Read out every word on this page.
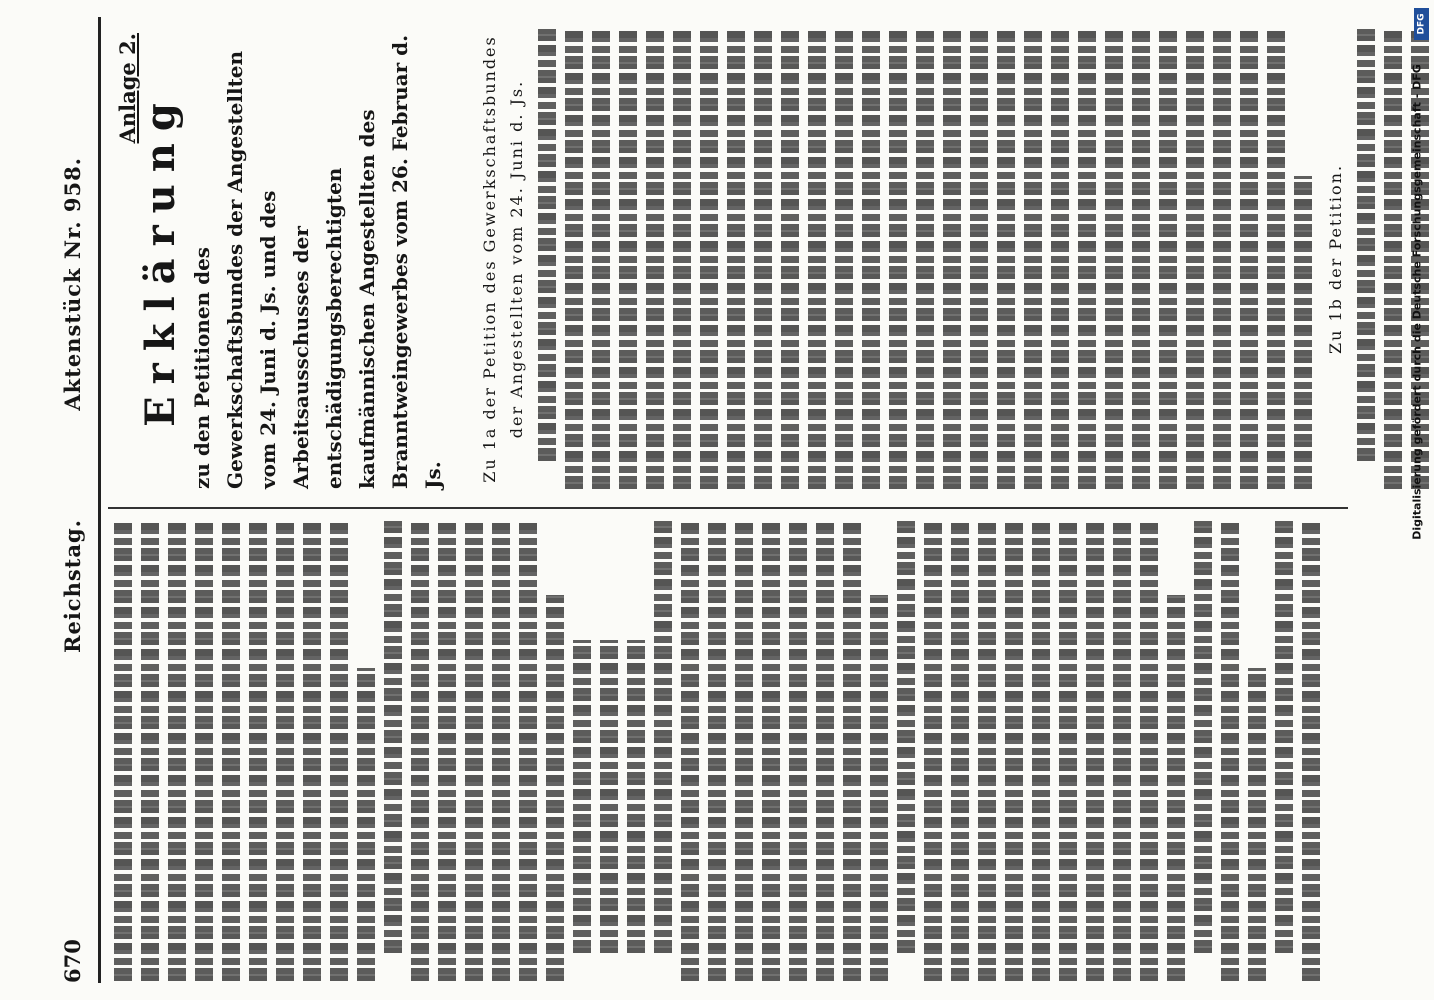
670
Reichstag.
Aktenstück Nr. 958.
Anlage 2.
Erklärung zu den Petitionen des Gewerkschaftsbundes der Angestellten vom 24. Juni d. Js. und des Arbeitsausschusses der entschädigungsberechtigten kaufmännischen Angestellten des Branntweingewerbes vom 26. Februar d. Js.	Zu 1a der Petition des Gewerkschaftsbundes der Angestellten vom 24. Juni d. Js.	Zu 1b der Petition.
DFG
Digitalisierung gefördert durch die Deutsche Forschungsgemeinschaft - DFG
